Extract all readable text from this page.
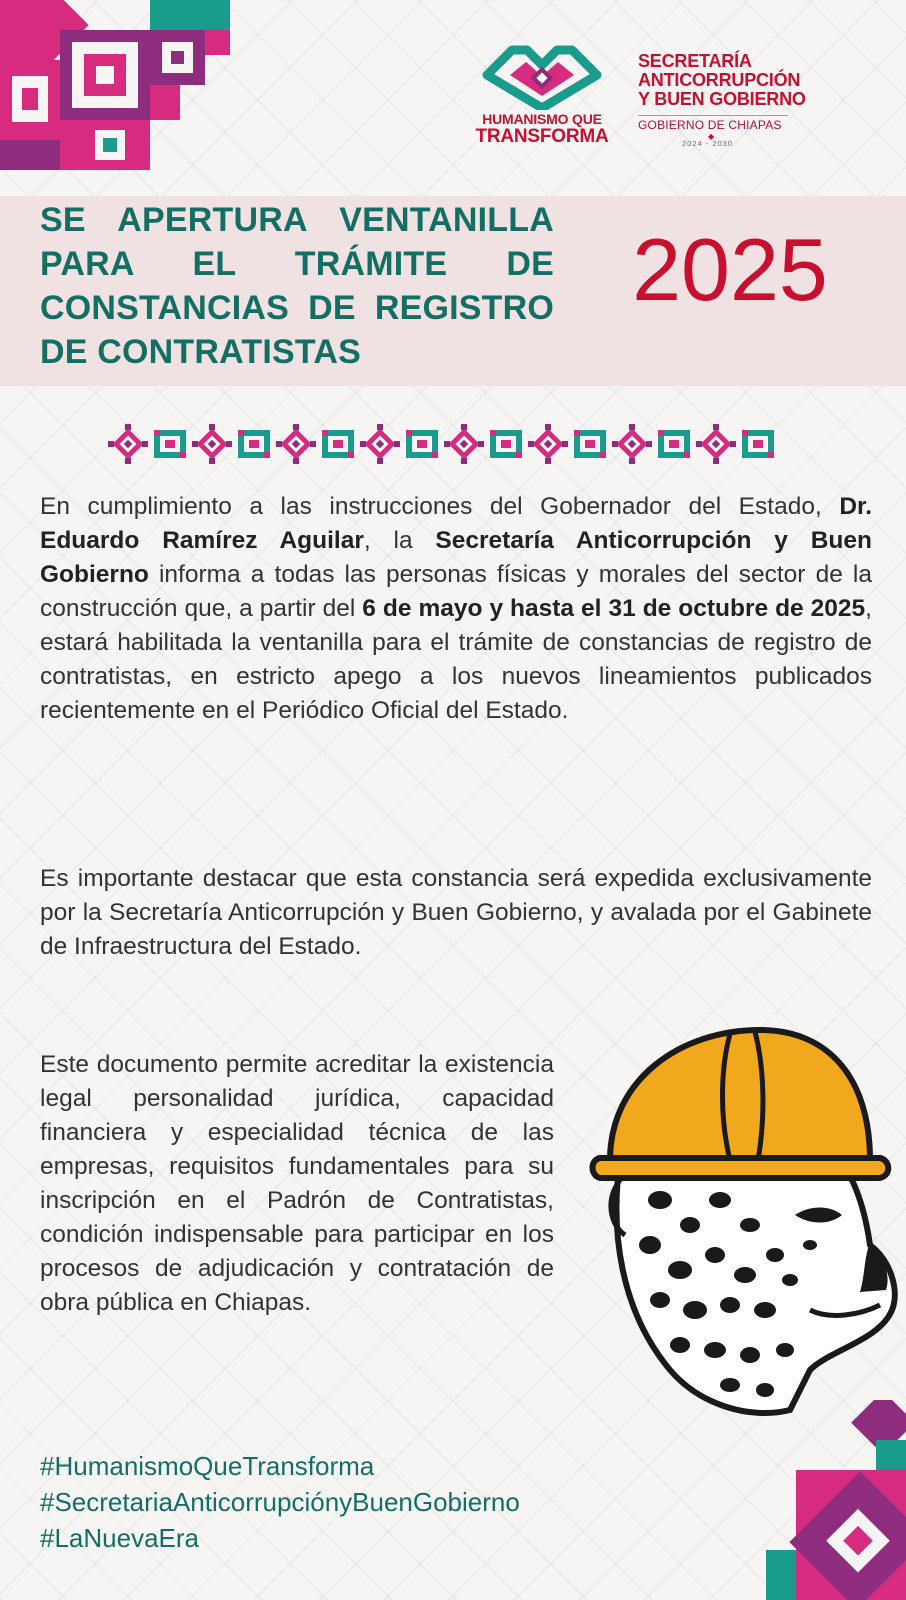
HUMANISMO QUE
TRANSFORMA
SECRETARÍA
ANTICORRUPCIÓN
Y BUEN GOBIERNO
GOBIERNO DE CHIAPAS
◆
2024 - 2030
SE APERTURA VENTANILLA PARA EL TRÁMITE DE CONSTANCIAS DE REGISTRO DE CONTRATISTAS
2025
En cumplimiento a las instrucciones del Gobernador del Estado, Dr. Eduardo Ramírez Aguilar, la Secretaría Anticorrupción y Buen Gobierno informa a todas las personas físicas y morales del sector de la construcción que, a partir del 6 de mayo y hasta el 31 de octubre de 2025, estará habilitada la ventanilla para el trámite de constancias de registro de contratistas, en estricto apego a los nuevos lineamientos publicados recientemente en el Periódico Oficial del Estado.
Es importante destacar que esta constancia será expedida exclusivamente por la Secretaría Anticorrupción y Buen Gobierno, y avalada por el Gabinete de Infraestructura del Estado.
Este documento permite acreditar la existencia legal personalidad jurídica, capacidad financiera y especialidad técnica de las empresas, requisitos fundamentales para su inscripción en el Padrón de Contratistas, condición indispensable para participar en los procesos de adjudicación y contratación de obra pública en Chiapas.
#HumanismoQueTransforma
#SecretariaAnticorrupciónyBuenGobierno
#LaNuevaEra
